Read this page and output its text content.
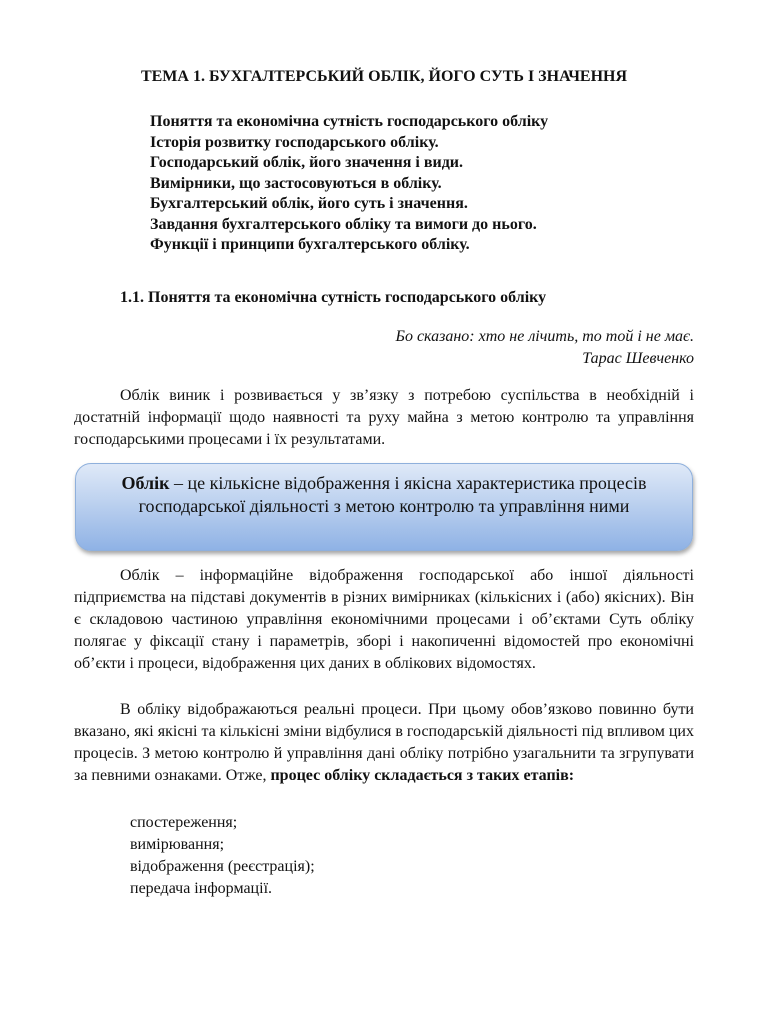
ТЕМА 1. БУХГАЛТЕРСЬКИЙ ОБЛІК, ЙОГО СУТЬ І ЗНАЧЕННЯ
Поняття та економічна сутність господарського обліку
Історія розвитку господарського обліку.
Господарський облік, його значення і види.
Вимірники, що застосовуються в обліку.
Бухгалтерський облік, його суть і значення.
Завдання бухгалтерського обліку та вимоги до нього.
Функції і принципи бухгалтерського обліку.
1.1. Поняття та економічна сутність господарського обліку
Бо сказано: хто не лічить, то той і не має.
Тарас Шевченко

Облік виник і розвивається у зв’язку з потребою суспільства в необхідній і достатній інформації щодо наявності та руху майна з метою контролю та управління господарськими процесами і їх результатами.

Облік – це кількісне відображення і якісна характеристика процесів господарської діяльності з метою контролю та управління ними

Облік – інформаційне відображення господарської або іншої діяльності підприємства на підставі документів в різних вимірниках (кількісних і (або) якісних). Він є складовою частиною управління економічними процесами і об’єктами Суть обліку полягає у фіксації стану і параметрів, зборі і накопиченні відомостей про економічні об’єкти і процеси, відображення цих даних в облікових відомостях.

В обліку відображаються реальні процеси. При цьому обов’язково повинно бути вказано, які якісні та кількісні зміни відбулися в господарській діяльності під впливом цих процесів. З метою контролю й управління дані обліку потрібно узагальнити та згрупувати за певними ознаками. Отже, процес обліку складається з таких етапів:

спостереження;
вимірювання;
відображення (реєстрація);
передача інформації.
